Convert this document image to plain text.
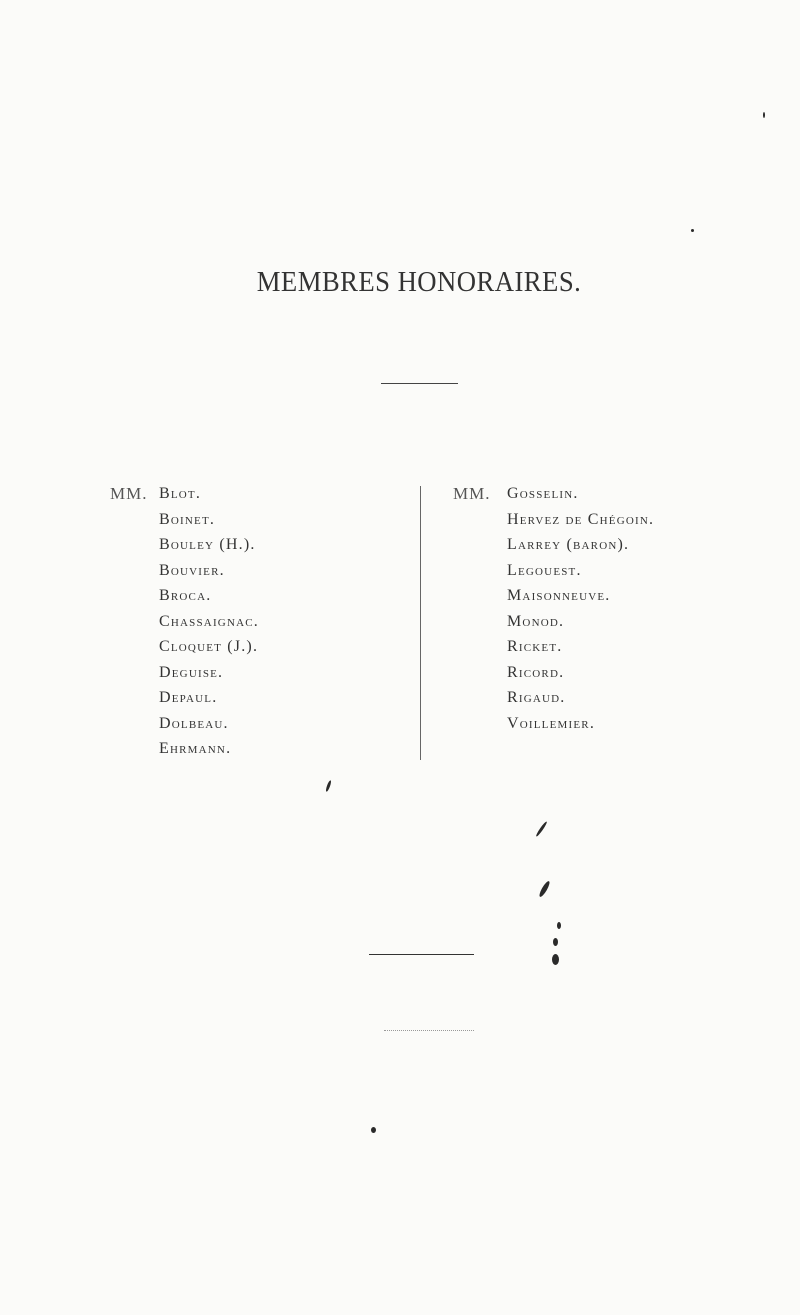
MEMBRES HONORAIRES.
MM. Blot.
Boinet.
Bouley (H.).
Bouvier.
Broca.
Chassaignac.
Cloquet (J.).
Deguise.
Depaul.
Dolbeau.
Ehrmann.
MM. Gosselin.
Hervez de Chégoin.
Larrey (baron).
Legouest.
Maisonneuve.
Monod.
Ricket.
Ricord.
Rigaud.
Voillemier.
